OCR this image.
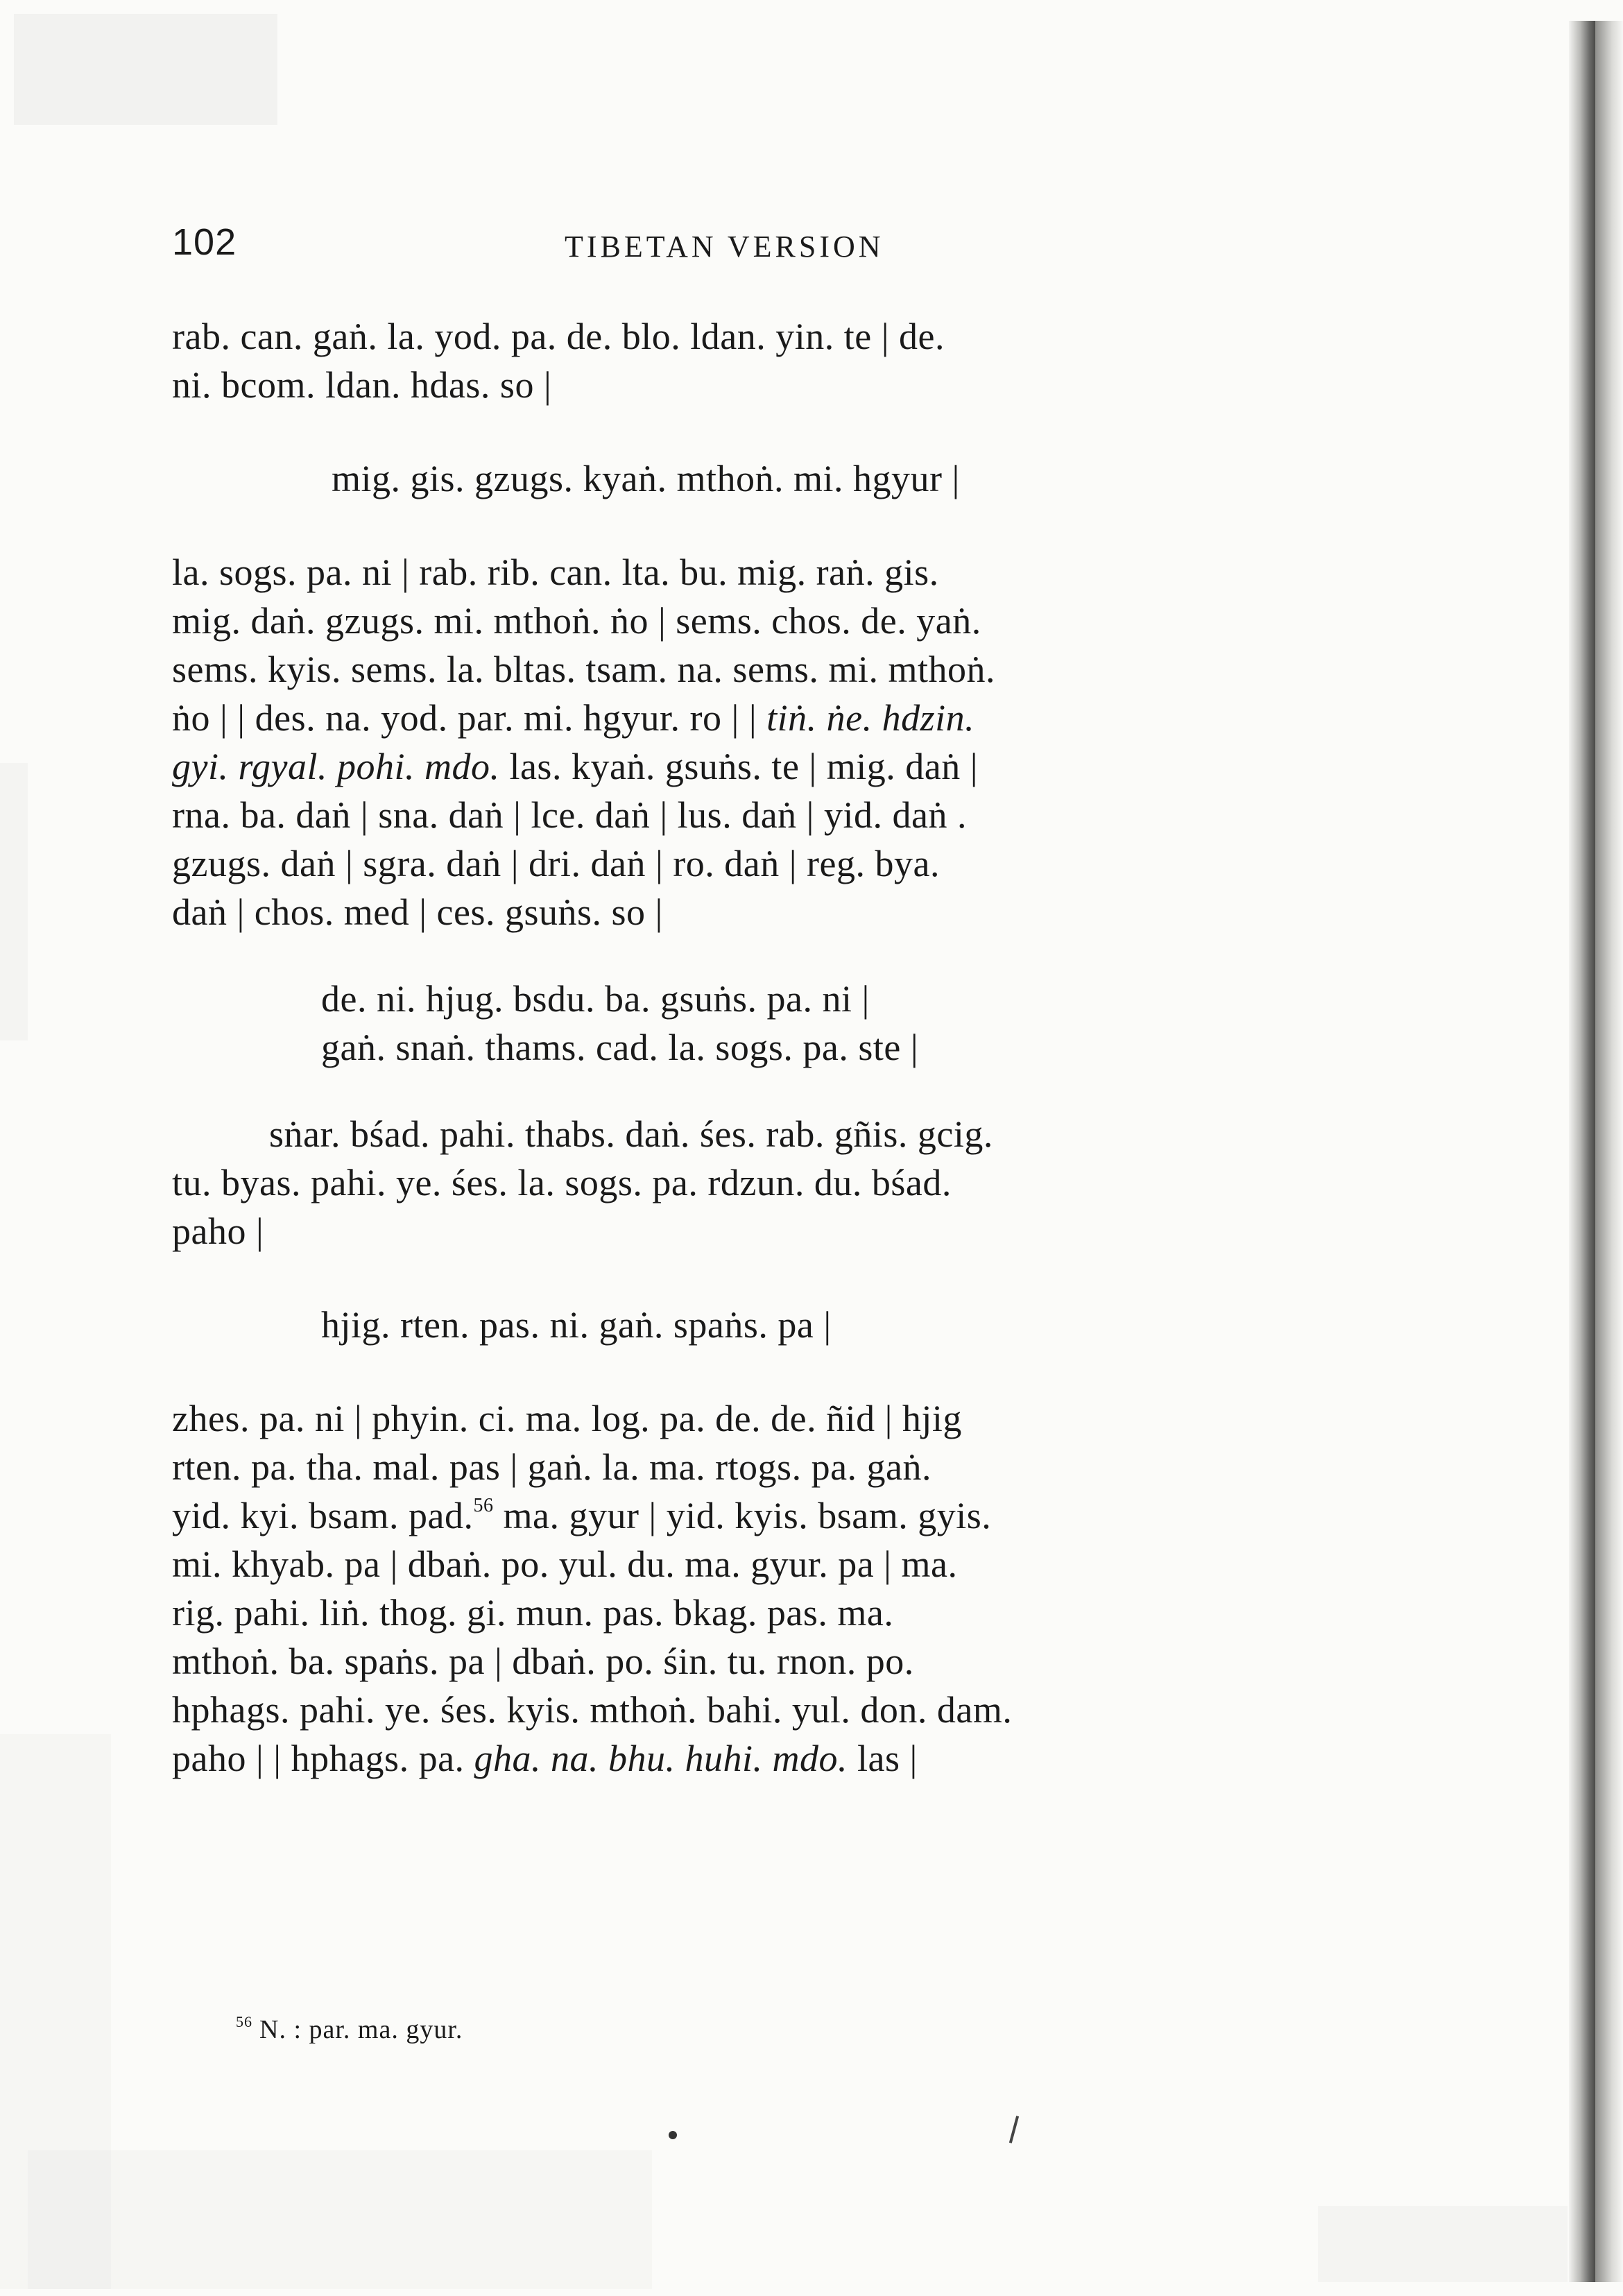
102	TIBETAN VERSION
rab. can. gaṅ. la. yod. pa. de. blo. ldan. yin. te | de.
ni. bcom. ldan. hdas. so |
mig. gis. gzugs. kyaṅ. mthoṅ. mi. hgyur |
la. sogs. pa. ni | rab. rib. can. lta. bu. mig. raṅ. gis.
mig. daṅ. gzugs. mi. mthoṅ. ṅo | sems. chos. de. yaṅ.
sems. kyis. sems. la. bltas. tsam. na. sems. mi. mthoṅ.
ṅo | | des. na. yod. par. mi. hgyur. ro | | tiṅ. ṅe. hdzin.
gyi. rgyal. pohi. mdo. las. kyaṅ. gsuṅs. te | mig. daṅ |
rna. ba. daṅ | sna. daṅ | lce. daṅ | lus. daṅ | yid. daṅ .
gzugs. daṅ | sgra. daṅ | dri. daṅ | ro. daṅ | reg. bya.
daṅ | chos. med | ces. gsuṅs. so |
de. ni. hjug. bsdu. ba. gsuṅs. pa. ni |
gaṅ. snaṅ. thams. cad. la. sogs. pa. ste |
sṅar. bśad. pahi. thabs. daṅ. śes. rab. gñis. gcig.
tu. byas. pahi. ye. śes. la. sogs. pa. rdzun. du. bśad.
paho |
hjig. rten. pas. ni. gaṅ. spaṅs. pa |
zhes. pa. ni | phyin. ci. ma. log. pa. de. de. ñid | hjig
rten. pa. tha. mal. pas | gaṅ. la. ma. rtogs. pa. gaṅ.
yid. kyi. bsam. pad.$^{56}$ ma. gyur | yid. kyis. bsam. gyis.
mi. khyab. pa | dbaṅ. po. yul. du. ma. gyur. pa | ma.
rig. pahi. liṅ. thog. gi. mun. pas. bkag. pas. ma.
mthoṅ. ba. spaṅs. pa | dbaṅ. po. śin. tu. rnon. po.
hphags. pahi. ye. śes. kyis. mthoṅ. bahi. yul. don. dam.
paho | | hphags. pa. gha. na. bhu. huhi. mdo. las |
$^{56}$ N. : par. ma. gyur.
